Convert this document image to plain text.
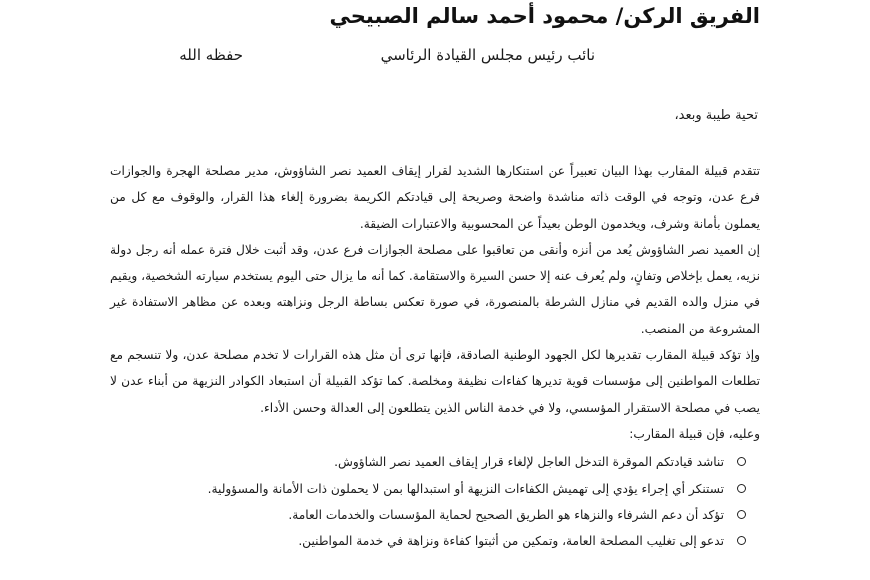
الفريق الركن/ محمود أحمد سالم الصبيحي
نائب رئيس مجلس القيادة الرئاسي
حفظه الله
تحية طيبة وبعد،

تتقدم قبيلة المقارب بهذا البيان تعبيراً عن استنكارها الشديد لقرار إيقاف العميد نصر الشاؤوش، مدير مصلحة الهجرة والجوازات فرع عدن، وتوجه في الوقت ذاته مناشدة واضحة وصريحة إلى قيادتكم الكريمة بضرورة إلغاء هذا القرار، والوقوف مع كل من يعملون بأمانة وشرف، ويخدمون الوطن بعيداً عن المحسوبية والاعتبارات الضيقة.

إن العميد نصر الشاؤوش يُعد من أنزه وأنقى من تعاقبوا على مصلحة الجوازات فرع عدن، وقد أثبت خلال فترة عمله أنه رجل دولة نزيه، يعمل بإخلاص وتفانٍ، ولم يُعرف عنه إلا حسن السيرة والاستقامة. كما أنه ما يزال حتى اليوم يستخدم سيارته الشخصية، ويقيم في منزل والده القديم في منازل الشرطة بالمنصورة، في صورة تعكس بساطة الرجل ونزاهته وبعده عن مظاهر الاستفادة غير المشروعة من المنصب.

وإذ تؤكد قبيلة المقارب تقديرها لكل الجهود الوطنية الصادقة، فإنها ترى أن مثل هذه القرارات لا تخدم مصلحة عدن، ولا تنسجم مع تطلعات المواطنين إلى مؤسسات قوية تديرها كفاءات نظيفة ومخلصة. كما تؤكد القبيلة أن استبعاد الكوادر النزيهة من أبناء عدن لا يصب في مصلحة الاستقرار المؤسسي، ولا في خدمة الناس الذين يتطلعون إلى العدالة وحسن الأداء.

وعليه، فإن قبيلة المقارب:

تناشد قيادتكم الموقرة التدخل العاجل لإلغاء قرار إيقاف العميد نصر الشاؤوش.
تستنكر أي إجراء يؤدي إلى تهميش الكفاءات النزيهة أو استبدالها بمن لا يحملون ذات الأمانة والمسؤولية.
تؤكد أن دعم الشرفاء والنزهاء هو الطريق الصحيح لحماية المؤسسات والخدمات العامة.
تدعو إلى تغليب المصلحة العامة، وتمكين من أثبتوا كفاءة ونزاهة في خدمة المواطنين.
